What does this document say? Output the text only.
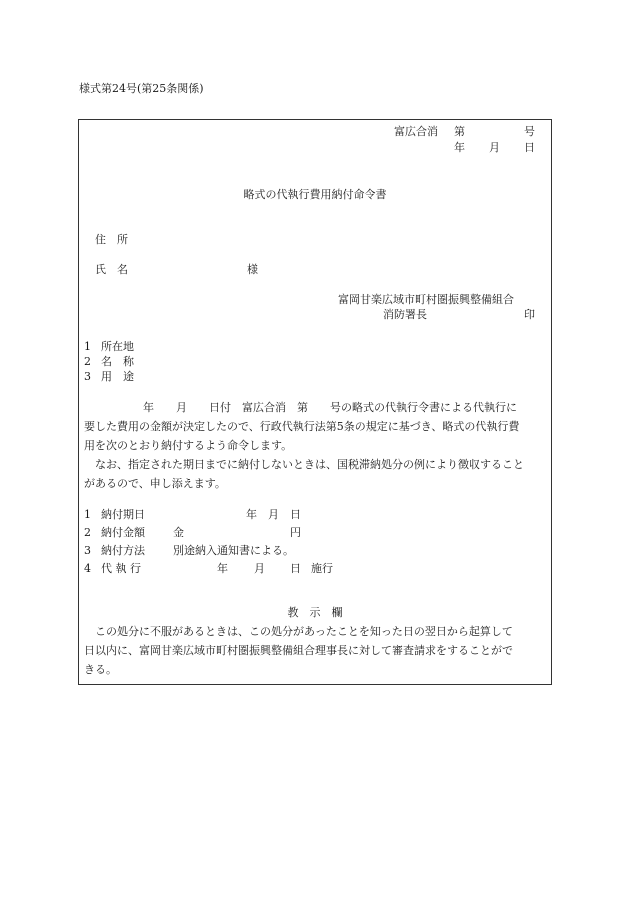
様式第24号(第25条関係)
富広合消 第	号
年 月 日
略式の代執行費用納付命令書
住　所
氏　名	様
富岡甘楽広域市町村圏振興整備組合
消防署長	印
1 所在地
2 名　称
3 用　途
年　　月　　日付　富広合消　第　　号の略式の代執行令書による代執行に
要した費用の金額が決定したので、行政代執行法第5条の規定に基づき、略式の代執行費
用を次のとおり納付するよう命令します。
なお、指定された期日までに納付しないときは、国税滞納処分の例により徴収すること
があるので、申し添えます。
1 納付期日	年 月 日
2 納付金額	金	円
3 納付方法	別途納入通知書による。
4 代 執 行	年 月 日 施行
教　示　欄
この処分に不服があるときは、この処分があったことを知った日の翌日から起算して
日以内に、富岡甘楽広域市町村圏振興整備組合理事長に対して審査請求をすることがで
きる。
